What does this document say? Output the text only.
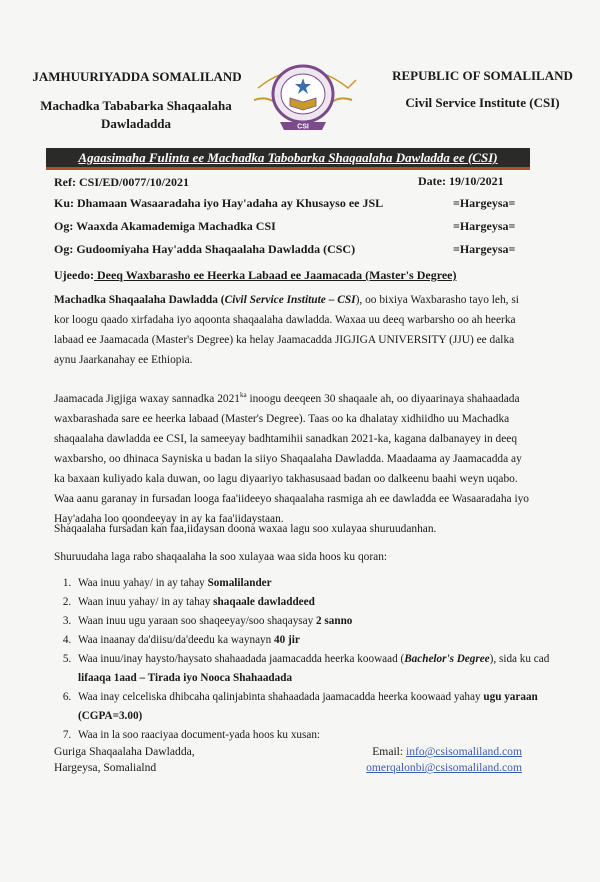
JAMHUURIYADDA SOMALILAND
Machadka Tababarka Shaqaalaha Dawladadda	CSI
REPUBLIC OF SOMALILAND
Civil Service Institute (CSI)
Agaasimaha Fulinta ee Machadka Tabobarka Shaqaalaha Dawladda ee (CSI)
Ref: CSI/ED/0077/10/2021	Date: 19/10/2021
Ku: Dhamaan Wasaaradaha iyo Hay'adaha ay Khusayso ee JSL	=Hargeysa=
Og: Waaxda Akamademiga Machadka CSI	=Hargeysa=
Og: Gudoomiyaha Hay'adda Shaqaalaha Dawladda (CSC)	=Hargeysa=
Ujeedo: Deeq Waxbarasho ee Heerka Labaad ee Jaamacada (Master's Degree)
Machadka Shaqaalaha Dawladda (Civil Service Institute – CSI), oo bixiya Waxbarasho tayo leh, si kor loogu qaado xirfadaha iyo aqoonta shaqaalaha dawladda. Waxaa uu deeq warbarsho oo ah heerka labaad ee Jaamacada (Master's Degree) ka helay Jaamacadda JIGJIGA UNIVERSITY (JJU) ee dalka aynu Jaarkanahay ee Ethiopia.
Jaamacada Jigjiga waxay sannadka $2021^{ka}$ inoogu deeqeen 30 shaqaale ah, oo diyaarinaya shahaadada waxbarashada sare ee heerka labaad (Master's Degree). Taas oo ka dhalatay xidhiidho uu Machadka shaqaalaha dawladda ee CSI, la sameeyay badhtamihii sanadkan 2021-ka, kagana dalbanayey in deeq waxbarsho, oo dhinaca Sayniska u badan la siiyo Shaqaalaha Dawladda. Maadaama ay Jaamacadda ay ka baxaan kuliyado kala duwan, oo lagu diyaariyo takhasusaad badan oo dalkeenu baahi weyn uqabo. Waa aanu garanay in fursadan looga faa'iideeyo shaqaalaha rasmiga ah ee dawladda ee Wasaaradaha iyo Hay'adaha loo qoondeeyay in ay ka faa'iidaystaan.
Shaqaalaha fursadan kan faa,iidaysan doona waxaa lagu soo xulayaa shuruudanhan.
Shuruudaha laga rabo shaqaalaha la soo xulayaa waa sida hoos ku qoran:
1. Waa inuu yahay/ in ay tahay Somalilander
2. Waan inuu yahay/ in ay tahay shaqaale dawladdeed
3. Waan inuu ugu yaraan soo shaqeeyay/soo shaqaysay 2 sanno
4. Waa inaanay da'diisu/da'deedu ka waynayn 40 jir
5. Waa inuu/inay haysto/haysato shahaadada jaamacadda heerka koowaad (Bachelor's Degree), sida ku cad lifaaqa 1aad – Tirada iyo Nooca Shahaadada
6. Waa inay celceliska dhibcaha qalinjabinta shahaadada jaamacadda heerka koowaad yahay ugu yaraan (CGPA=3.00)
7. Waa in la soo raaciyaa document-yada hoos ku xusan:
Guriga Shaqaalaha Dawladda,
Hargeysa, Somalialnd
Email: info@csisomaliland.com
omerqalonbi@csisomaliland.com
